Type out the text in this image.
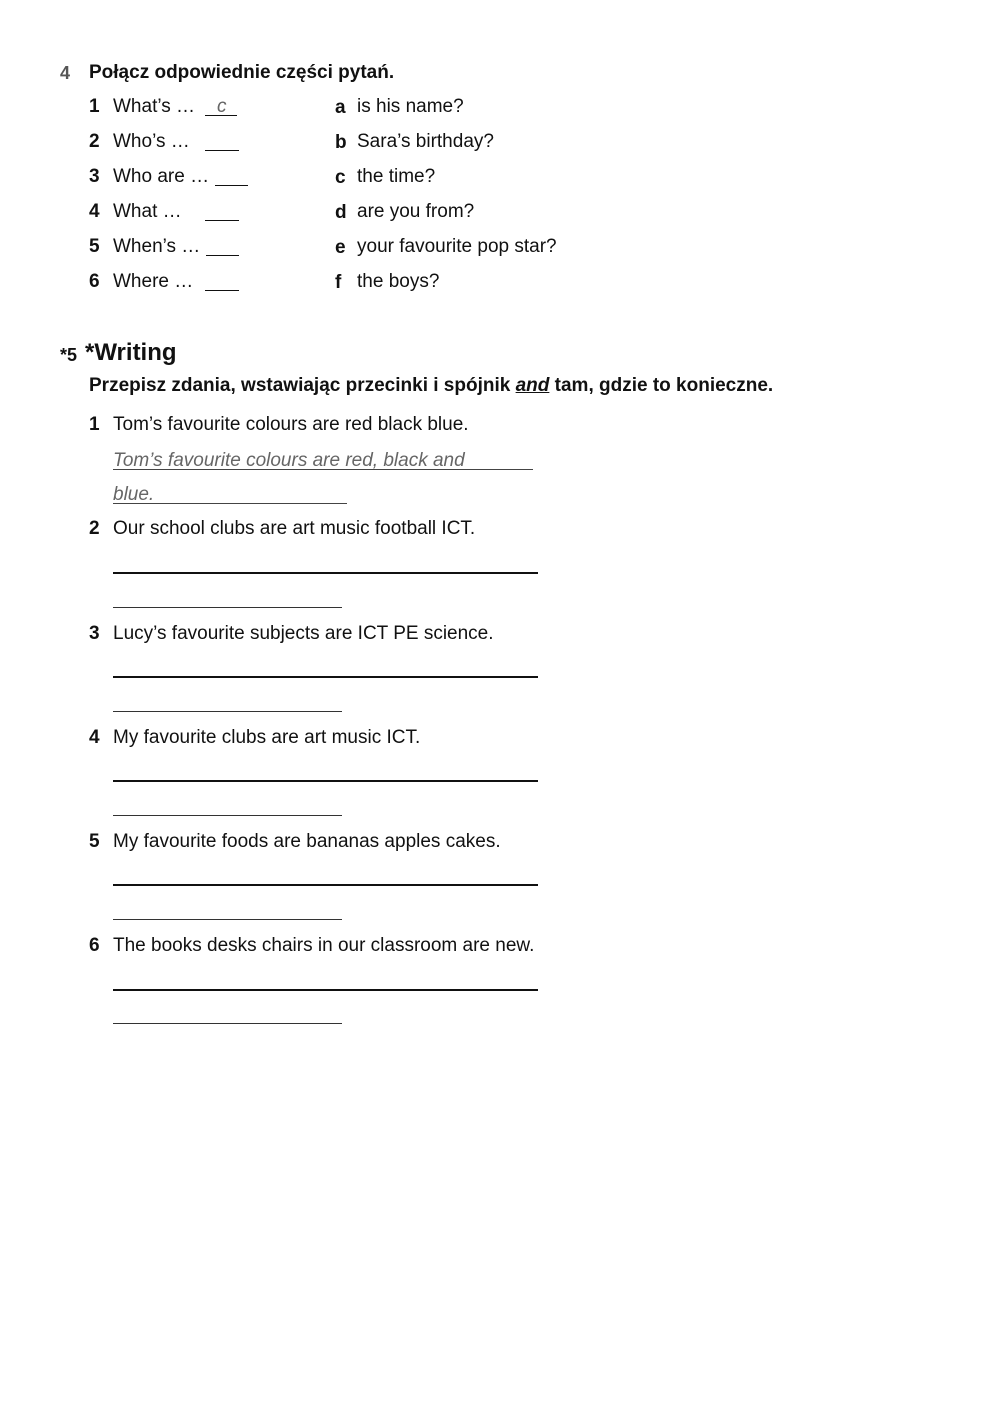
4 Połącz odpowiednie części pytań.
1 What’s … c
2 Who’s …
3 Who are …
4 What …
5 When’s …
6 Where …
a is his name?
b Sara’s birthday?
c the time?
d are you from?
e your favourite pop star?
f the boys?
*5 *Writing
Przepisz zdania, wstawiając przecinki i spójnik and tam, gdzie to konieczne.
1 Tom’s favourite colours are red black blue.
Tom’s favourite colours are red, black and
blue.
2 Our school clubs are art music football ICT.
3 Lucy’s favourite subjects are ICT PE science.
4 My favourite clubs are art music ICT.
5 My favourite foods are bananas apples cakes.
6 The books desks chairs in our classroom are new.
